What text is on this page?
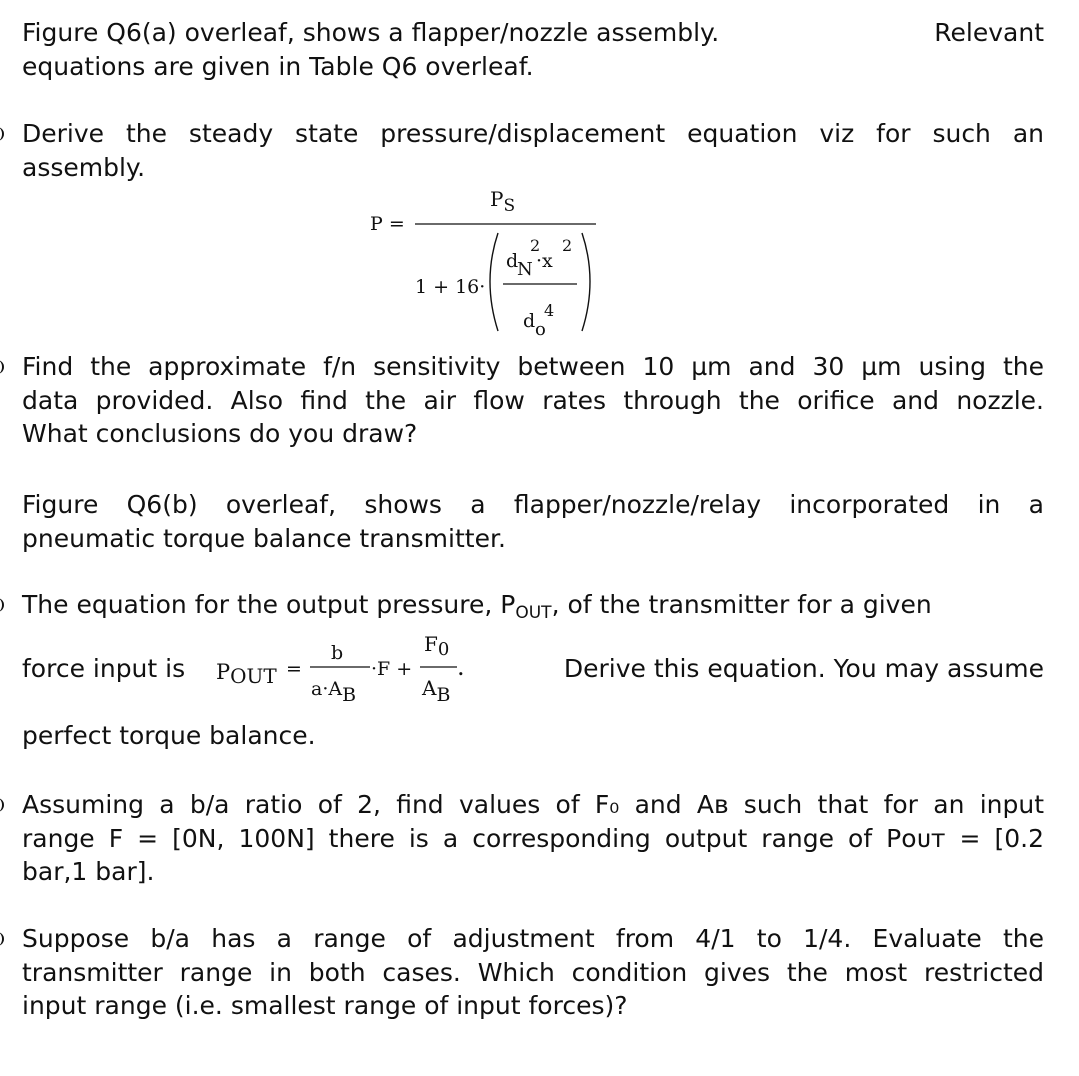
Figure Q6(a) overleaf, shows a flapper/nozzle assembly.	Relevant
equations are given in Table Q6 overleaf.
Derive the steady state pressure/displacement equation viz for such an
assembly.
P =
$P_S$
1 + 16·
d
N
2
·x
2
d o
4
Find the approximate f/n sensitivity between 10 µm and 30 µm using the
data provided. Also find the air flow rates through the orifice and nozzle.
What conclusions do you draw?
Figure Q6(b) overleaf, shows a flapper/nozzle/relay incorporated in a
pneumatic torque balance transmitter.
The equation for the output pressure, P $_{OUT}$, of the transmitter for a given
force input is	Derive this equation. You may assume
POUT =
b
a·AB
·F +
F0
AB
.
perfect torque balance.
Assuming a b/a ratio of 2, find values of F₀ and Aʙ such that for an input
range F = [0N, 100N] there is a corresponding output range of Pᴏᴜᴛ = [0.2
bar,1 bar].
Suppose b/a has a range of adjustment from 4/1 to 1/4. Evaluate the
transmitter range in both cases. Which condition gives the most restricted
input range (i.e. smallest range of input forces)?
